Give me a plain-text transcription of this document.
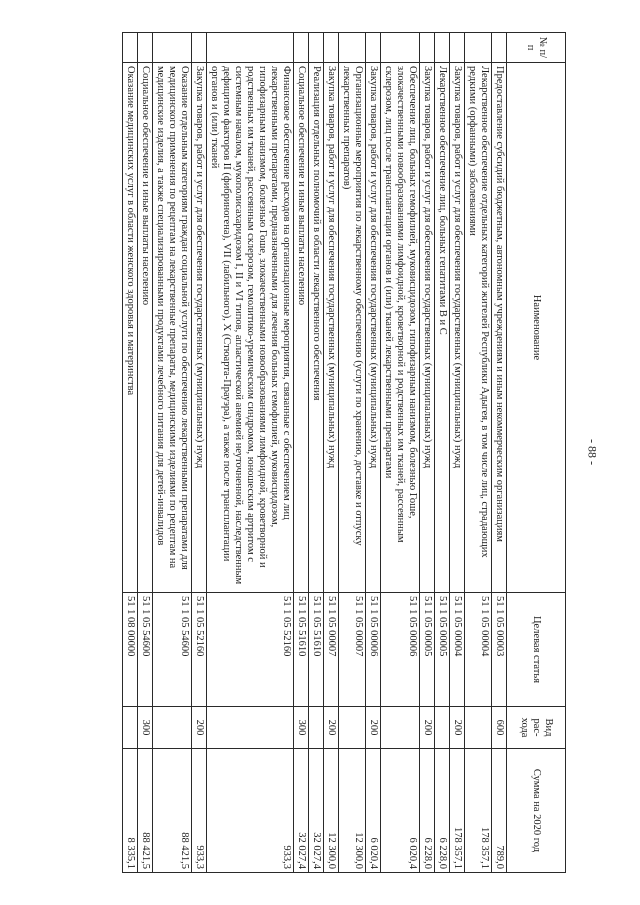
- 88 -
№ п/п	Наименование	Целевая статья	Вид рас-хода	Сумма на 2020 год
	Предоставление субсидий бюджетным, автономным учреждениям и иным некоммерческим организациям	51 1 05 00003	600	789,0
	Лекарственное обеспечение отдельных категорий жителей Республики Адыгея, в том числе лиц, страдающих редкими (орфанными) заболеваниями	51 1 05 00004		178 357,1
	Закупка товаров, работ и услуг для обеспечения государственных (муниципальных) нужд	51 1 05 00004	200	178 357,1
	Лекарственное обеспечение лиц, больных гепатитами В и С	51 1 05 00005		6 228,0
	Закупка товаров, работ и услуг для обеспечения государственных (муниципальных) нужд	51 1 05 00005	200	6 228,0
	Обеспечение лиц, больных гемофилией, муковисцидозом, гипофизарным нанизмом, болезнью Гоше, злокачественными новообразованиями лимфоидной, кроветворной и родственных им тканей, рассеянным склерозом, лиц после трансплантации органов и (или) тканей лекарственными препаратами	51 1 05 00006		6 020,4
	Закупка товаров, работ и услуг для обеспечения государственных (муниципальных) нужд	51 1 05 00006	200	6 020,4
	Организационные мероприятия по лекарственному обеспечению (услуги по хранению, доставке и отпуску лекарственных препаратов)	51 1 05 00007		12 300,0
	Закупка товаров, работ и услуг для обеспечения государственных (муниципальных) нужд	51 1 05 00007	200	12 300,0
	Реализация отдельных полномочий в области лекарственного обеспечения	51 1 05 51610		32 027,4
	Социальное обеспечение и иные выплаты населению	51 1 05 51610	300	32 027,4
	Финансовое обеспечение расходов на организационные мероприятия, связанные с обеспечением лиц лекарственными препаратами, предназначенными для лечения больных гемофилией, муковисцидозом, гипофизарным нанизмом, болезнью Гоше, злокачественными новообразованиями лимфоидной, кроветворной и родственных им тканей, рассеянным склерозом, гемолитико-уремическим синдромом, юношеским артритом с системным началом, мукополисахаридозом I, II и VI типов, апластической анемией неуточненной, наследственным дефицитом факторов II (фибриногена), VII (лабильного), X (Стюарта-Прауэра), а также после трансплантации органов и (или) тканей	51 1 05 52160		933,3
	Закупка товаров, работ и услуг для обеспечения государственных (муниципальных) нужд	51 1 05 52160	200	933,3
	Оказание отдельным категориям граждан социальной услуги по обеспечению лекарственными препаратами для медицинского применения по рецептам на лекарственные препараты, медицинскими изделиями по рецептам на медицинские изделия, а также специализированными продуктами лечебного питания для детей-инвалидов	51 1 05 54600		88 421,5
	Социальное обеспечение и иные выплаты населению	51 1 05 54600	300	88 421,5
	Оказание медицинских услуг в области женского здоровья и материнства	51 1 08 00000		8 335,1
